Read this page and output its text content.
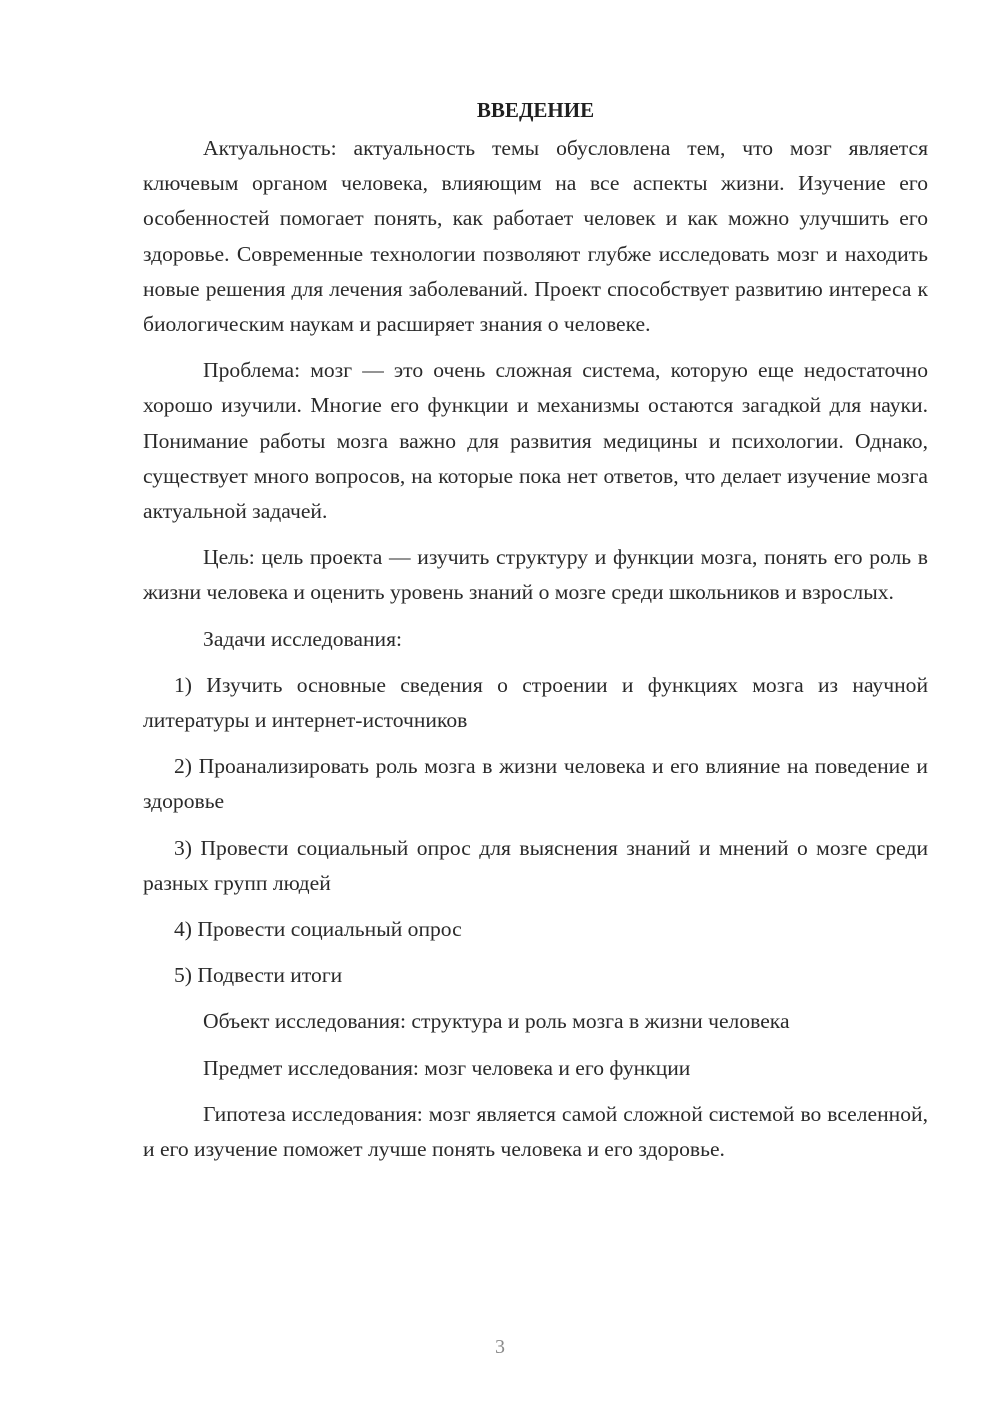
ВВЕДЕНИЕ

Актуальность: актуальность темы обусловлена тем, что мозг является ключевым органом человека, влияющим на все аспекты жизни. Изучение его особенностей помогает понять, как работает человек и как можно улучшить его здоровье. Современные технологии позволяют глубже исследовать мозг и находить новые решения для лечения заболеваний. Проект способствует развитию интереса к биологическим наукам и расширяет знания о человеке.

Проблема: мозг — это очень сложная система, которую еще недостаточно хорошо изучили. Многие его функции и механизмы остаются загадкой для науки. Понимание работы мозга важно для развития медицины и психологии. Однако, существует много вопросов, на которые пока нет ответов, что делает изучение мозга актуальной задачей.

Цель: цель проекта — изучить структуру и функции мозга, понять его роль в жизни человека и оценить уровень знаний о мозге среди школьников и взрослых.

Задачи исследования:

1) Изучить основные сведения о строении и функциях мозга из научной литературы и интернет-источников

2) Проанализировать роль мозга в жизни человека и его влияние на поведение и здоровье

3) Провести социальный опрос для выяснения знаний и мнений о мозге среди разных групп людей

4) Провести социальный опрос

5) Подвести итоги

Объект исследования: структура и роль мозга в жизни человека

Предмет исследования: мозг человека и его функции

Гипотеза исследования: мозг является самой сложной системой во вселенной, и его изучение поможет лучше понять человека и его здоровье.

3
